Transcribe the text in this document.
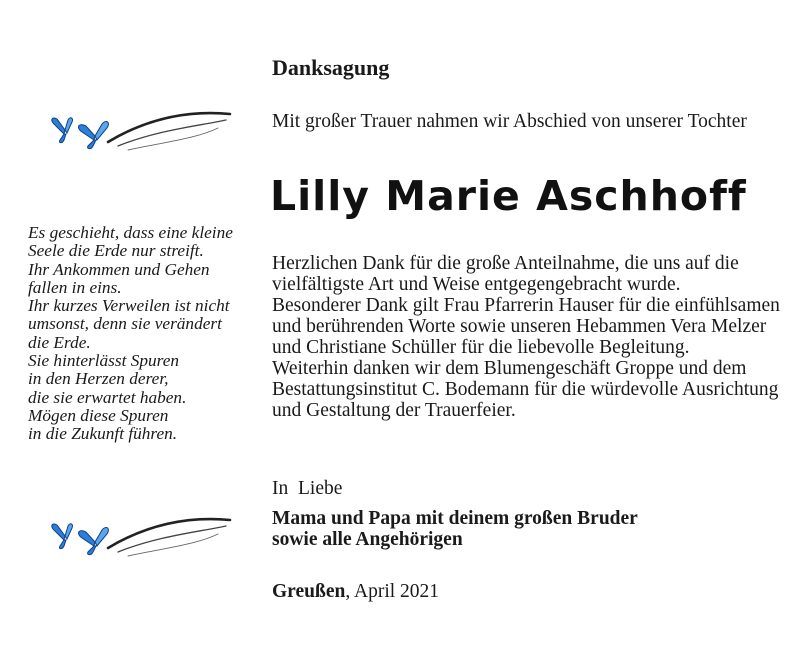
Danksagung

Mit großer Trauer nahmen wir Abschied von unserer Tochter

Lilly Marie Aschhoff
Es geschieht, dass eine kleine
Seele die Erde nur streift.
Ihr Ankommen und Gehen
fallen in eins.
Ihr kurzes Verweilen ist nicht
umsonst, denn sie verändert
die Erde.
Sie hinterlässt Spuren
in den Herzen derer,
die sie erwartet haben.
Mögen diese Spuren
in die Zukunft führen.

Herzlichen Dank für die große Anteilnahme, die uns auf die vielfältigste Art und Weise entgegengebracht wurde.

Besonderer Dank gilt Frau Pfarrerin Hauser für die einfühlsamen und berührenden Worte sowie unseren Hebammen Vera Melzer und Christiane Schüller für die liebevolle Begleitung.

Weiterhin danken wir dem Blumengeschäft Groppe und dem Bestattungsinstitut C. Bodemann für die würdevolle Ausrichtung und Gestaltung der Trauerfeier.

In  Liebe

Mama und Papa mit deinem großen Bruder
sowie alle Angehörigen

Greußen, April 2021
